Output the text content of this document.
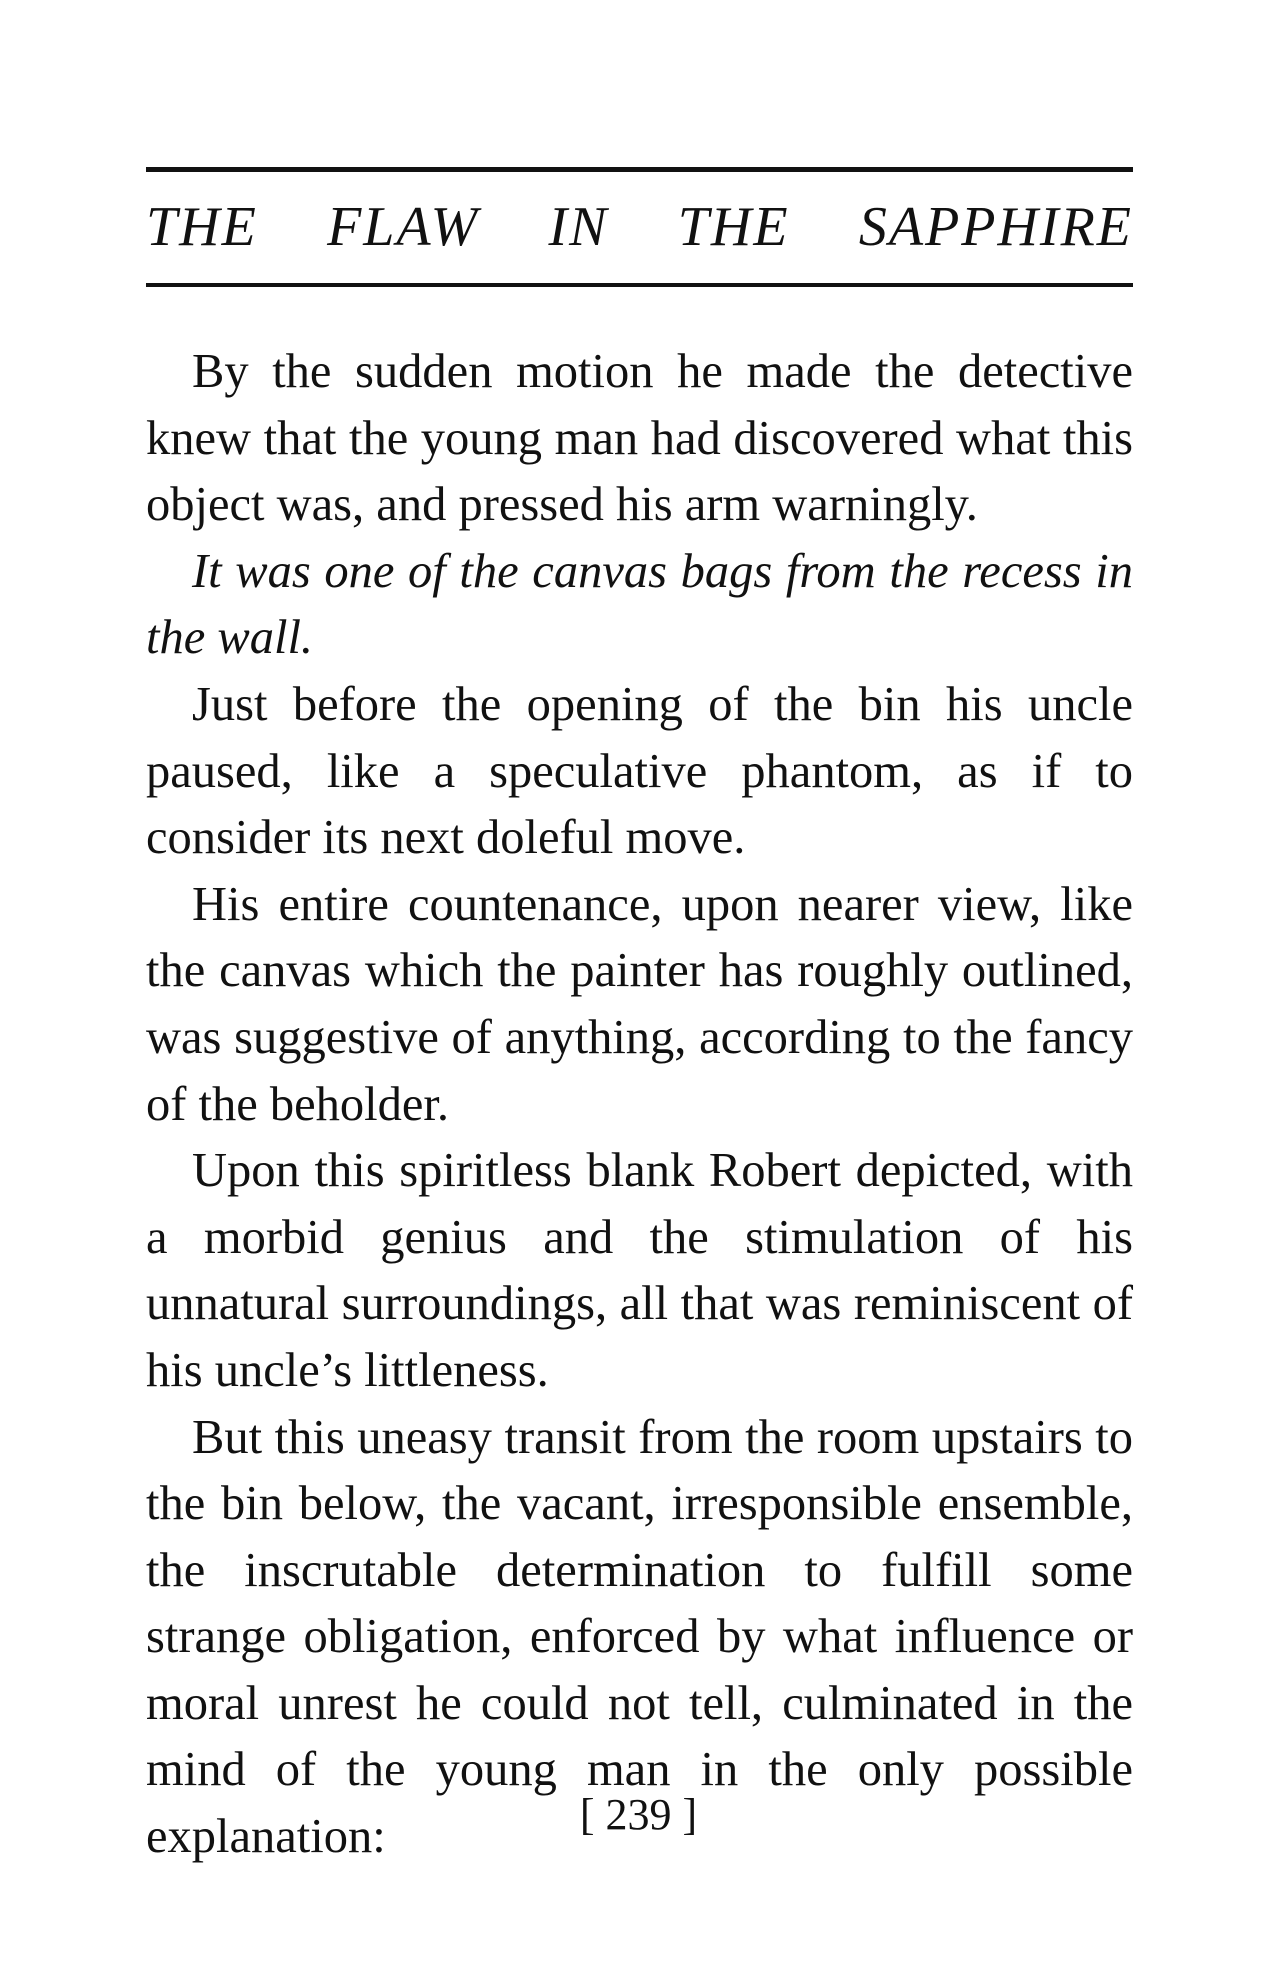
THE FLAW IN THE SAPPHIRE

By the sudden motion he made the detective knew that the young man had discovered what this object was, and pressed his arm warningly.

It was one of the canvas bags from the recess in the wall.

Just before the opening of the bin his uncle paused, like a speculative phantom, as if to consider its next doleful move.

His entire countenance, upon nearer view, like the canvas which the painter has roughly outlined, was suggestive of anything, according to the fancy of the beholder.

Upon this spiritless blank Robert depicted, with a morbid genius and the stimulation of his unnatural surroundings, all that was reminiscent of his uncle’s littleness.

But this uneasy transit from the room upstairs to the bin below, the vacant, irresponsible ensemble, the inscrutable determination to fulfill some strange obligation, enforced by what influence or moral unrest he could not tell, culminated in the mind of the young man in the only possible explanation:	[ 239 ]
